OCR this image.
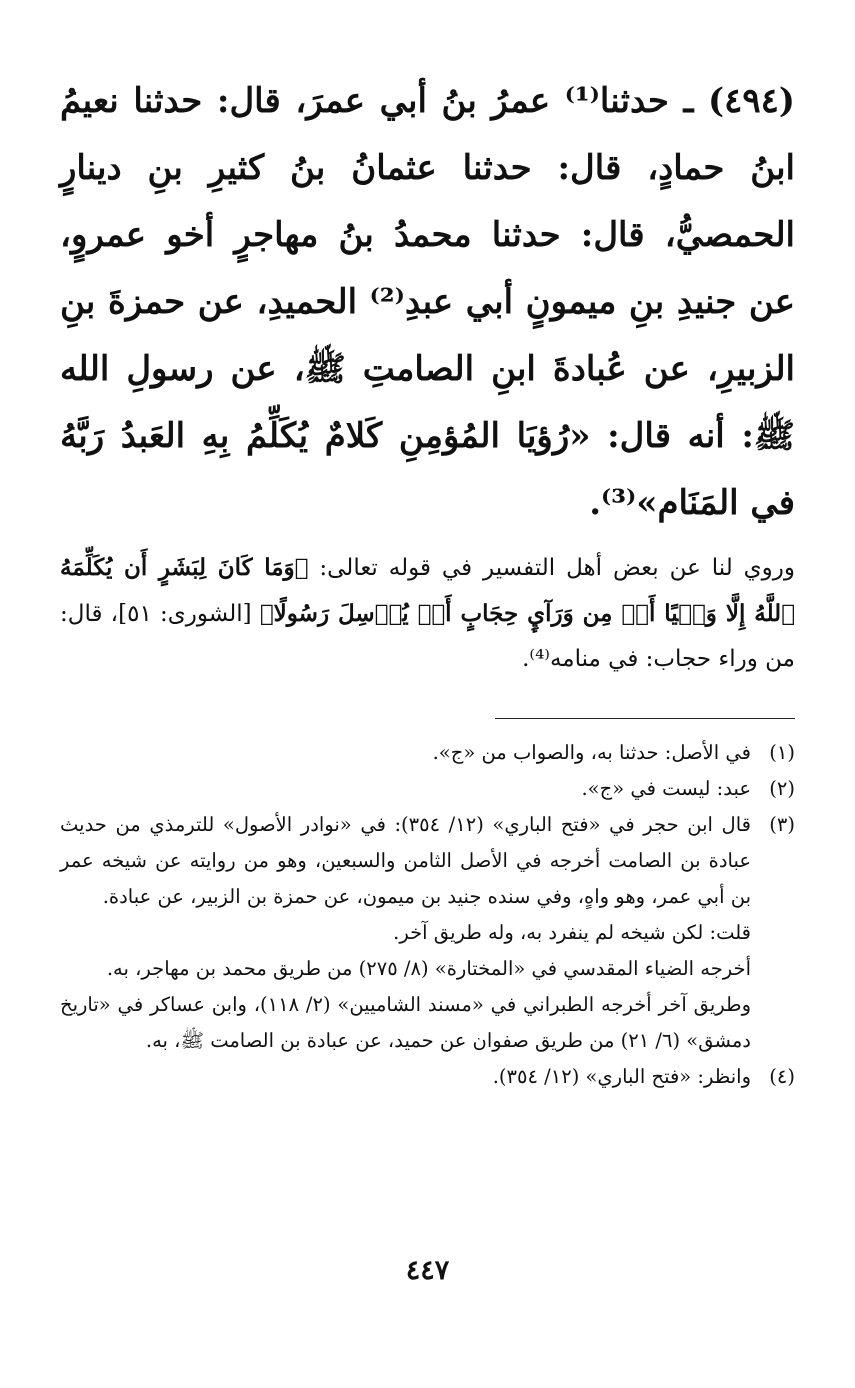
(٤٩٤) ـ حدثنا⁽¹⁾ عمرُ بنُ أبي عمرَ، قال: حدثنا نعيمُ ابنُ حمادٍ، قال: حدثنا عثمانُ بنُ كثيرِ بنِ دينارٍ الحمصيُّ، قال: حدثنا محمدُ بنُ مهاجرٍ أخو عمروٍ، عن جنيدِ بنِ ميمونٍ أبي عبدِ⁽²⁾ الحميدِ، عن حمزةَ بنِ الزبيرِ، عن عُبادةَ ابنِ الصامتِ ﷺ، عن رسولِ الله ﷺ: أنه قال: «رُؤيَا المُؤمِنِ كَلامٌ يُكَلِّمُ بِهِ العَبدُ رَبَّهُ في المَنَام»⁽³⁾.
وروي لنا عن بعض أهل التفسير في قوله تعالى: ﴿وَمَا كَانَ لِبَشَرٍ أَن يُكَلِّمَهُ ٱللَّهُ إِلَّا وَحۡيًا أَوۡ مِن وَرَآيِٕ حِجَابٍ أَوۡ يُرۡسِلَ رَسُولًا﴾ [الشورى: ٥١]، قال: من وراء حجاب: في منامه⁽⁴⁾.
(١)

في الأصل: حدثنا به، والصواب من «ج».

(٢)

عبد: ليست في «ج».

(٣)

قال ابن حجر في «فتح الباري» (١٢/ ٣٥٤): في «نوادر الأصول» للترمذي من حديث عبادة بن الصامت أخرجه في الأصل الثامن والسبعين، وهو من روايته عن شيخه عمر بن أبي عمر، وهو واهٍ، وفي سنده جنيد بن ميمون، عن حمزة بن الزبير، عن عبادة.

قلت: لكن شيخه لم ينفرد به، وله طريق آخر.

أخرجه الضياء المقدسي في «المختارة» (٨/ ٢٧٥) من طريق محمد بن مهاجر، به.

وطريق آخر أخرجه الطبراني في «مسند الشاميين» (٢/ ١١٨)، وابن عساكر في «تاريخ دمشق» (٦/ ٢١) من طريق صفوان عن حميد، عن عبادة بن الصامت ﷺ، به.

(٤)

وانظر: «فتح الباري» (١٢/ ٣٥٤).

٤٤٧
